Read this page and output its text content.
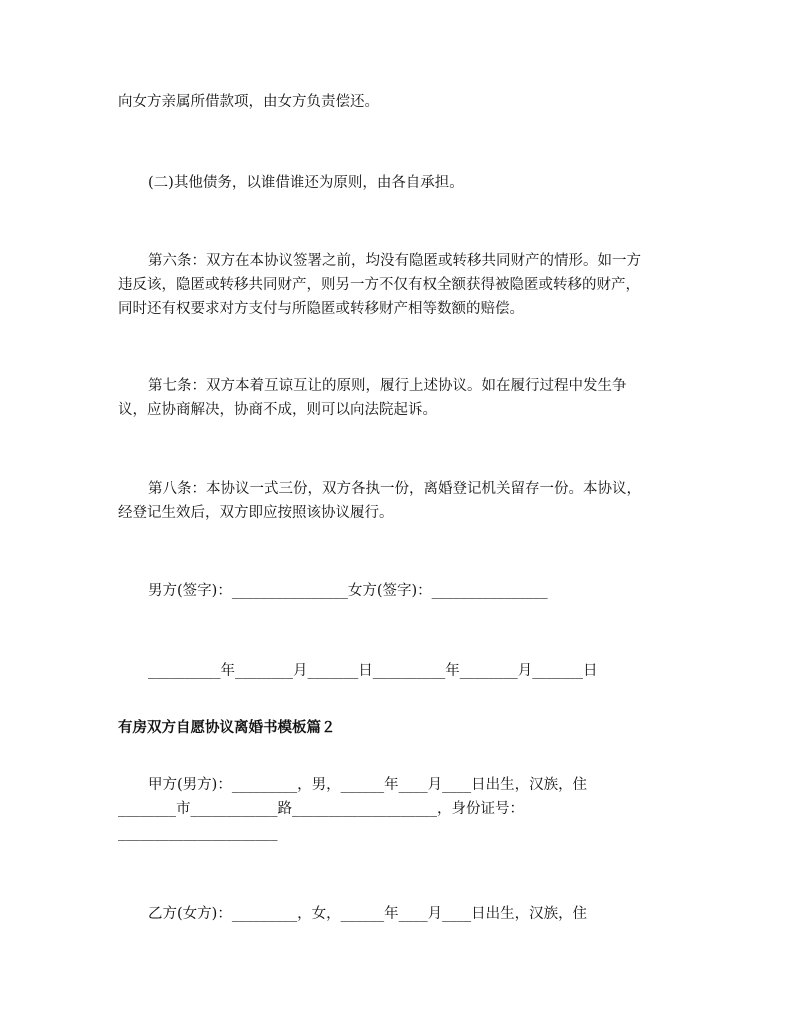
向女方亲属所借款项，由女方负责偿还。

(二)其他债务，以谁借谁还为原则，由各自承担。

第六条：双方在本协议签署之前，均没有隐匿或转移共同财产的情形。如一方
违反该，隐匿或转移共同财产，则另一方不仅有权全额获得被隐匿或转移的财产，
同时还有权要求对方支付与所隐匿或转移财产相等数额的赔偿。

第七条：双方本着互谅互让的原则，履行上述协议。如在履行过程中发生争
议，应协商解决，协商不成，则可以向法院起诉。

第八条：本协议一式三份，双方各执一份，离婚登记机关留存一份。本协议，
经登记生效后，双方即应按照该协议履行。

男方(签字)：________________女方(签字)：________________

__________年________月_______日__________年________月_______日

有房双方自愿协议离婚书模板篇２

甲方(男方)：_________，男，______年____月____日出生，汉族，住
________市____________路____________________，身份证号：
______________________

乙方(女方)：_________，女，______年____月____日出生，汉族，住
